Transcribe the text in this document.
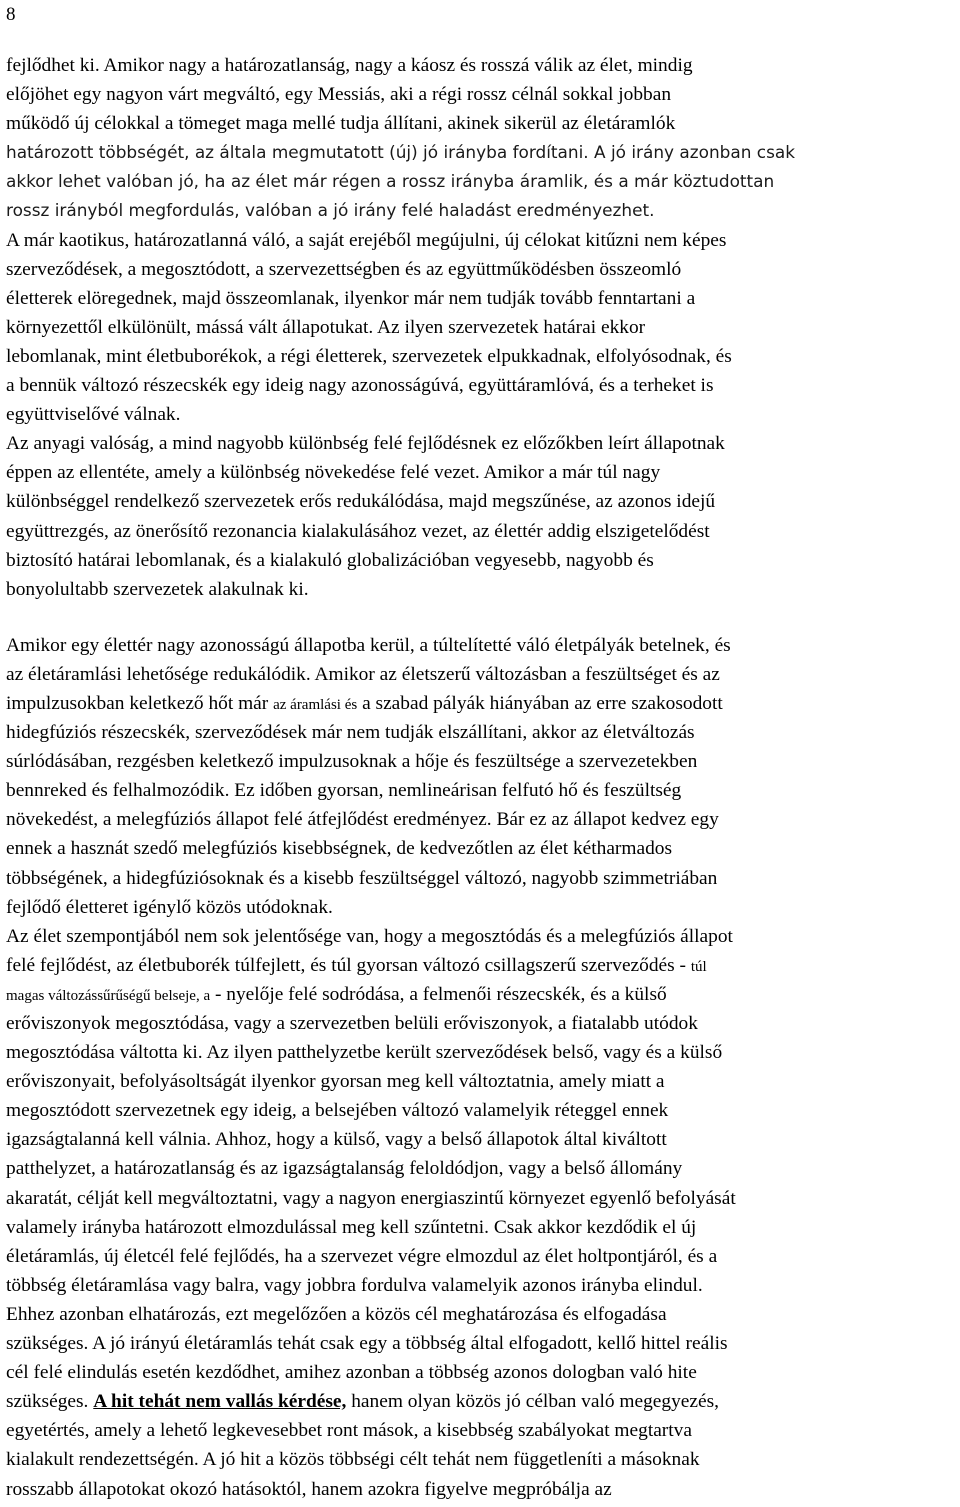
8
fejlődhet ki. Amikor nagy a határozatlanság, nagy a káosz és rosszá válik az élet, mindig
előjöhet egy nagyon várt megváltó, egy Messiás, aki a régi rossz célnál sokkal jobban
működő új célokkal a tömeget maga mellé tudja állítani, akinek sikerül az életáramlók
határozott többségét, az általa megmutatott (új) jó irányba fordítani. A jó irány azonban csak
akkor lehet valóban jó, ha az élet már régen a rossz irányba áramlik, és a már köztudottan
rossz irányból megfordulás, valóban a jó irány felé haladást eredményezhet.
A már kaotikus, határozatlanná váló, a saját erejéből megújulni, új célokat kitűzni nem képes
szerveződések, a megosztódott, a szervezettségben és az együttműködésben összeomló
életterek elöregednek, majd összeomlanak, ilyenkor már nem tudják tovább fenntartani a
környezettől elkülönült, mássá vált állapotukat. Az ilyen szervezetek határai ekkor
lebomlanak, mint életbuborékok, a régi életterek, szervezetek elpukkadnak, elfolyósodnak, és
a bennük változó részecskék egy ideig nagy azonosságúvá, együttáramlóvá, és a terheket is
együttviselővé válnak.
Az anyagi valóság, a mind nagyobb különbség felé fejlődésnek ez előzőkben leírt állapotnak
éppen az ellentéte, amely a különbség növekedése felé vezet. Amikor a már túl nagy
különbséggel rendelkező szervezetek erős redukálódása, majd megszűnése, az azonos idejű
együttrezgés, az önerősítő rezonancia kialakulásához vezet, az élettér addig elszigetelődést
biztosító határai lebomlanak, és a kialakuló globalizációban vegyesebb, nagyobb és
bonyolultabb szervezetek alakulnak ki.
Amikor egy élettér nagy azonosságú állapotba kerül, a túltelítetté váló életpályák betelnek, és
az életáramlási lehetősége redukálódik. Amikor az életszerű változásban a feszültséget és az
impulzusokban keletkező hőt már az áramlási és a szabad pályák hiányában az erre szakosodott
hidegfúziós részecskék, szerveződések már nem tudják elszállítani, akkor az életváltozás
súrlódásában, rezgésben keletkező impulzusoknak a hője és feszültsége a szervezetekben
bennreked és felhalmozódik. Ez időben gyorsan, nemlineárisan felfutó hő és feszültség
növekedést, a melegfúziós állapot felé átfejlődést eredményez. Bár ez az állapot kedvez egy
ennek a hasznát szedő melegfúziós kisebbségnek, de kedvezőtlen az élet kétharmados
többségének, a hidegfúziósoknak és a kisebb feszültséggel változó, nagyobb szimmetriában
fejlődő életteret igénylő közös utódoknak.
Az élet szempontjából nem sok jelentősége van, hogy a megosztódás és a melegfúziós állapot
felé fejlődést, az életbuborék túlfejlett, és túl gyorsan változó csillagszerű szerveződés - túl
magas változássűrűségű belseje, a - nyelője felé sodródása, a felmenői részecskék, és a külső
erőviszonyok megosztódása, vagy a szervezetben belüli erőviszonyok, a fiatalabb utódok
megosztódása váltotta ki. Az ilyen patthelyzetbe került szerveződések belső, vagy és a külső
erőviszonyait, befolyásoltságát ilyenkor gyorsan meg kell változtatnia, amely miatt a
megosztódott szervezetnek egy ideig, a belsejében változó valamelyik réteggel ennek
igazságtalanná kell válnia. Ahhoz, hogy a külső, vagy a belső állapotok által kiváltott
patthelyzet, a határozatlanság és az igazságtalanság feloldódjon, vagy a belső állomány
akaratát, célját kell megváltoztatni, vagy a nagyon energiaszintű környezet egyenlő befolyását
valamely irányba határozott elmozdulással meg kell szűntetni. Csak akkor kezdődik el új
életáramlás, új életcél felé fejlődés, ha a szervezet végre elmozdul az élet holtpontjáról, és a
többség életáramlása vagy balra, vagy jobbra fordulva valamelyik azonos irányba elindul.
Ehhez azonban elhatározás, ezt megelőzően a közös cél meghatározása és elfogadása
szükséges. A jó irányú életáramlás tehát csak egy a többség által elfogadott, kellő hittel reális
cél felé elindulás esetén kezdődhet, amihez azonban a többség azonos dologban való hite
szükséges. A hit tehát nem vallás kérdése, hanem olyan közös jó célban való megegyezés,
egyetértés, amely a lehető legkevesebbet ront mások, a kisebbség szabályokat megtartva
kialakult rendezettségén. A jó hit a közös többségi célt tehát nem függetleníti a másoknak
rosszabb állapotokat okozó hatásoktól, hanem azokra figyelve megpróbálja az
